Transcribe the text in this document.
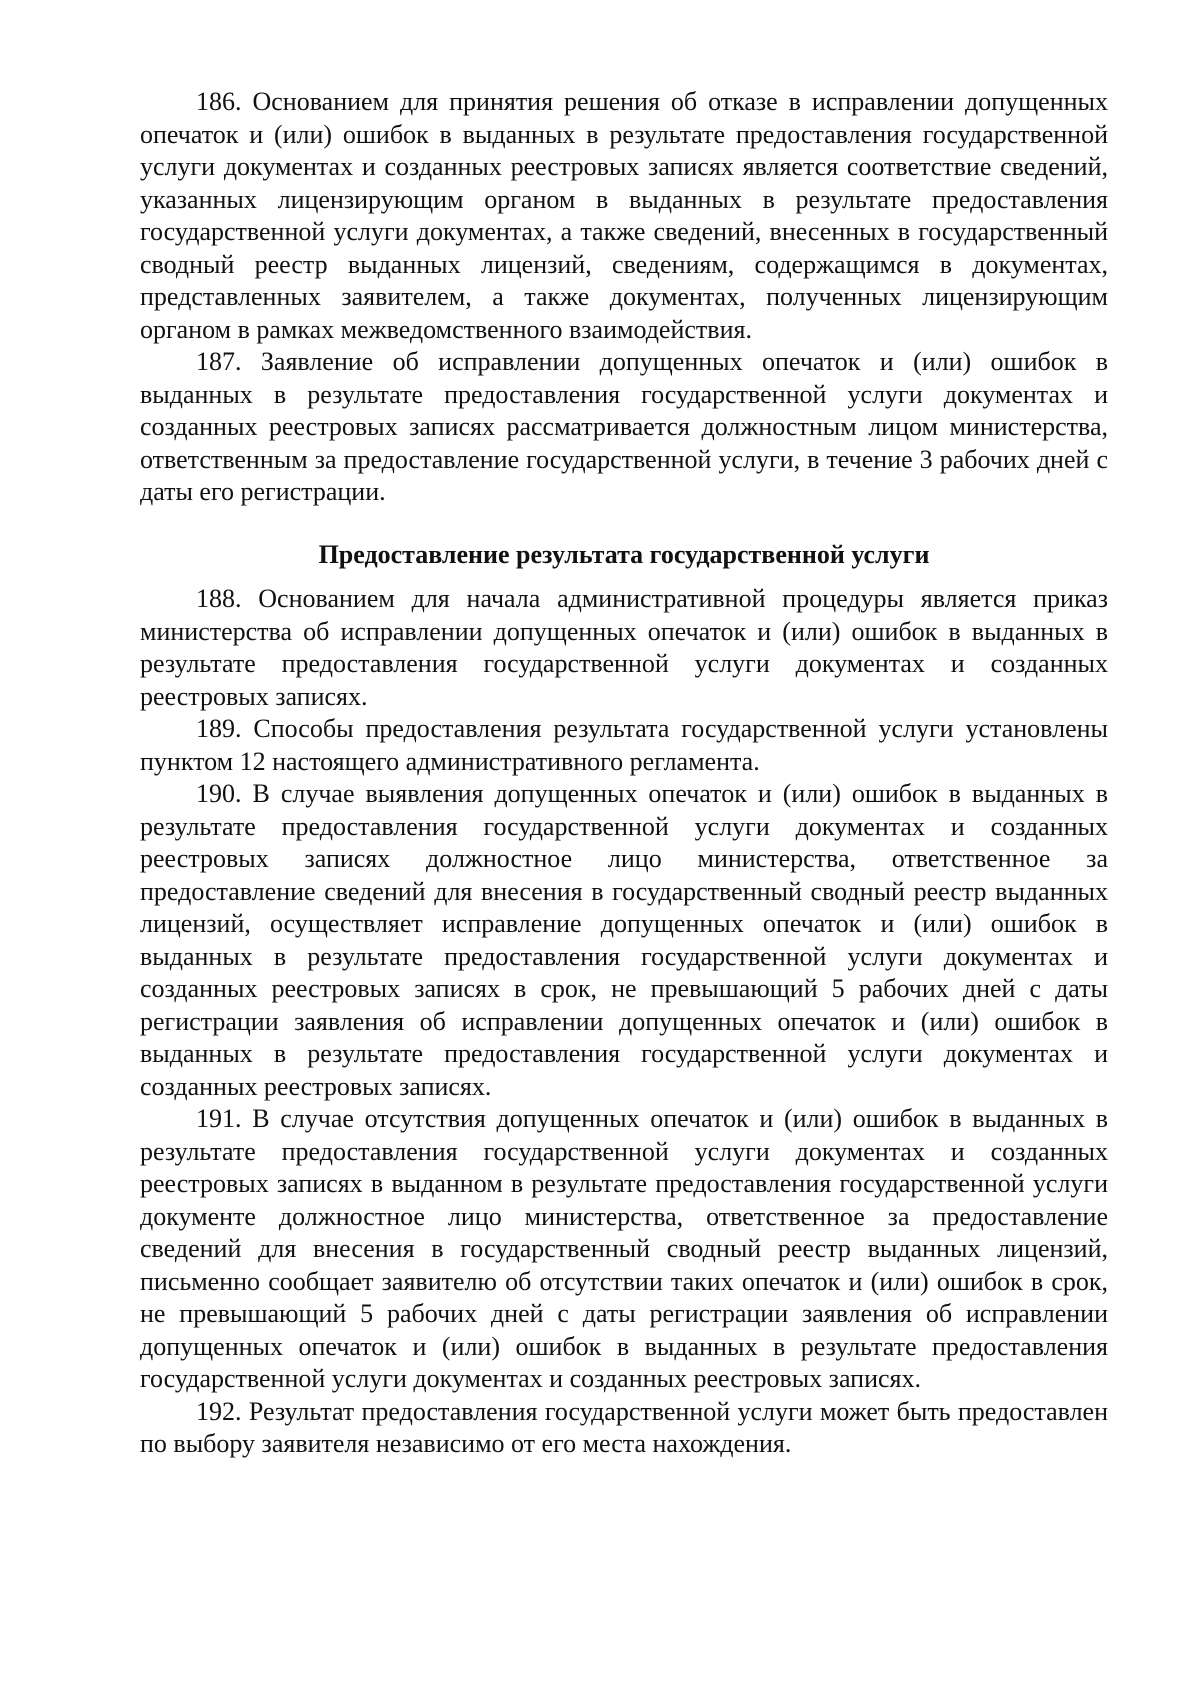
186. Основанием для принятия решения об отказе в исправлении допущенных опечаток и (или) ошибок в выданных в результате предоставления государственной услуги документах и созданных реестровых записях является соответствие сведений, указанных лицензирующим органом в выданных в результате предоставления государственной услуги документах, а также сведений, внесенных в государственный сводный реестр выданных лицензий, сведениям, содержащимся в документах, представленных заявителем, а также документах, полученных лицензирующим органом в рамках межведомственного взаимодействия.

187. Заявление об исправлении допущенных опечаток и (или) ошибок в выданных в результате предоставления государственной услуги документах и созданных реестровых записях рассматривается должностным лицом министерства, ответственным за предоставление государственной услуги, в течение 3 рабочих дней с даты его регистрации.

Предоставление результата государственной услуги

188. Основанием для начала административной процедуры является приказ министерства об исправлении допущенных опечаток и (или) ошибок в выданных в результате предоставления государственной услуги документах и созданных реестровых записях.

189. Способы предоставления результата государственной услуги установлены пунктом 12 настоящего административного регламента.

190. В случае выявления допущенных опечаток и (или) ошибок в выданных в результате предоставления государственной услуги документах и созданных реестровых записях должностное лицо министерства, ответственное за предоставление сведений для внесения в государственный сводный реестр выданных лицензий, осуществляет исправление допущенных опечаток и (или) ошибок в выданных в результате предоставления государственной услуги документах и созданных реестровых записях в срок, не превышающий 5 рабочих дней с даты регистрации заявления об исправлении допущенных опечаток и (или) ошибок в выданных в результате предоставления государственной услуги документах и созданных реестровых записях.

191. В случае отсутствия допущенных опечаток и (или) ошибок в выданных в результате предоставления государственной услуги документах и созданных реестровых записях в выданном в результате предоставления государственной услуги документе должностное лицо министерства, ответственное за предоставление сведений для внесения в государственный сводный реестр выданных лицензий, письменно сообщает заявителю об отсутствии таких опечаток и (или) ошибок в срок, не превышающий 5 рабочих дней с даты регистрации заявления об исправлении допущенных опечаток и (или) ошибок в выданных в результате предоставления государственной услуги документах и созданных реестровых записях.

192. Результат предоставления государственной услуги может быть предоставлен по выбору заявителя независимо от его места нахождения.
